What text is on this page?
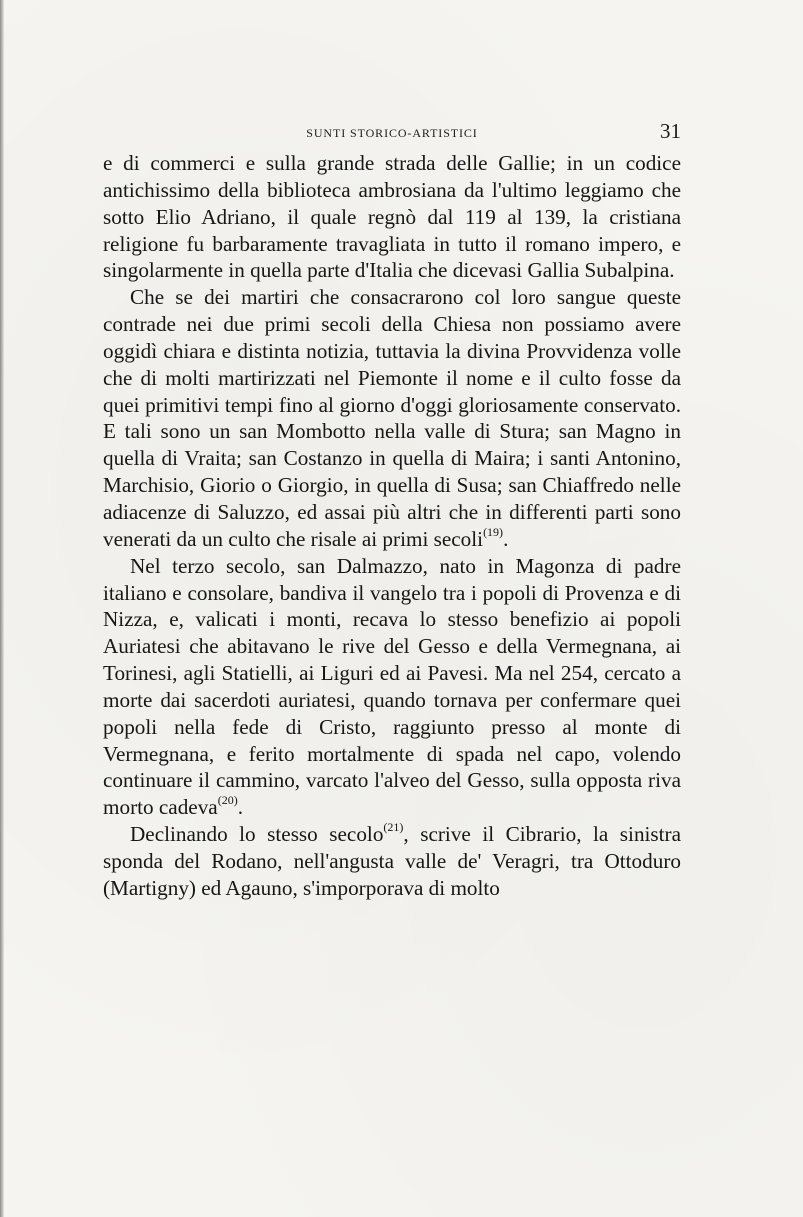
SUNTI STORICO-ARTISTICI	31

e di commerci e sulla grande strada delle Gallie; in un codice antichissimo della biblioteca ambrosiana da l'ultimo leggiamo che sotto Elio Adriano, il quale regnò dal 119 al 139, la cristiana religione fu barbaramente travagliata in tutto il romano impero, e singolarmente in quella parte d'Italia che dicevasi Gallia Subalpina.

Che se dei martiri che consacrarono col loro sangue queste contrade nei due primi secoli della Chiesa non possiamo avere oggidì chiara e distinta notizia, tuttavia la divina Provvidenza volle che di molti martirizzati nel Piemonte il nome e il culto fosse da quei primitivi tempi fino al giorno d'oggi gloriosamente conservato. E tali sono un san Mombotto nella valle di Stura; san Magno in quella di Vraita; san Costanzo in quella di Maira; i santi Antonino, Marchisio, Giorio o Giorgio, in quella di Susa; san Chiaffredo nelle adiacenze di Saluzzo, ed assai più altri che in differenti parti sono venerati da un culto che risale ai primi secoli$^{(19)}$.

Nel terzo secolo, san Dalmazzo, nato in Magonza di padre italiano e consolare, bandiva il vangelo tra i popoli di Provenza e di Nizza, e, valicati i monti, recava lo stesso benefizio ai popoli Auriatesi che abitavano le rive del Gesso e della Vermegnana, ai Torinesi, agli Statielli, ai Liguri ed ai Pavesi. Ma nel 254, cercato a morte dai sacerdoti auriatesi, quando tornava per confermare quei popoli nella fede di Cristo, raggiunto presso al monte di Vermegnana, e ferito mortalmente di spada nel capo, volendo continuare il cammino, varcato l'alveo del Gesso, sulla opposta riva morto cadeva$^{(20)}$.

Declinando lo stesso secolo$^{(21)}$, scrive il Cibrario, la sinistra sponda del Rodano, nell'angusta valle de' Veragri, tra Ottoduro (Martigny) ed Agauno, s'imporporava di molto
